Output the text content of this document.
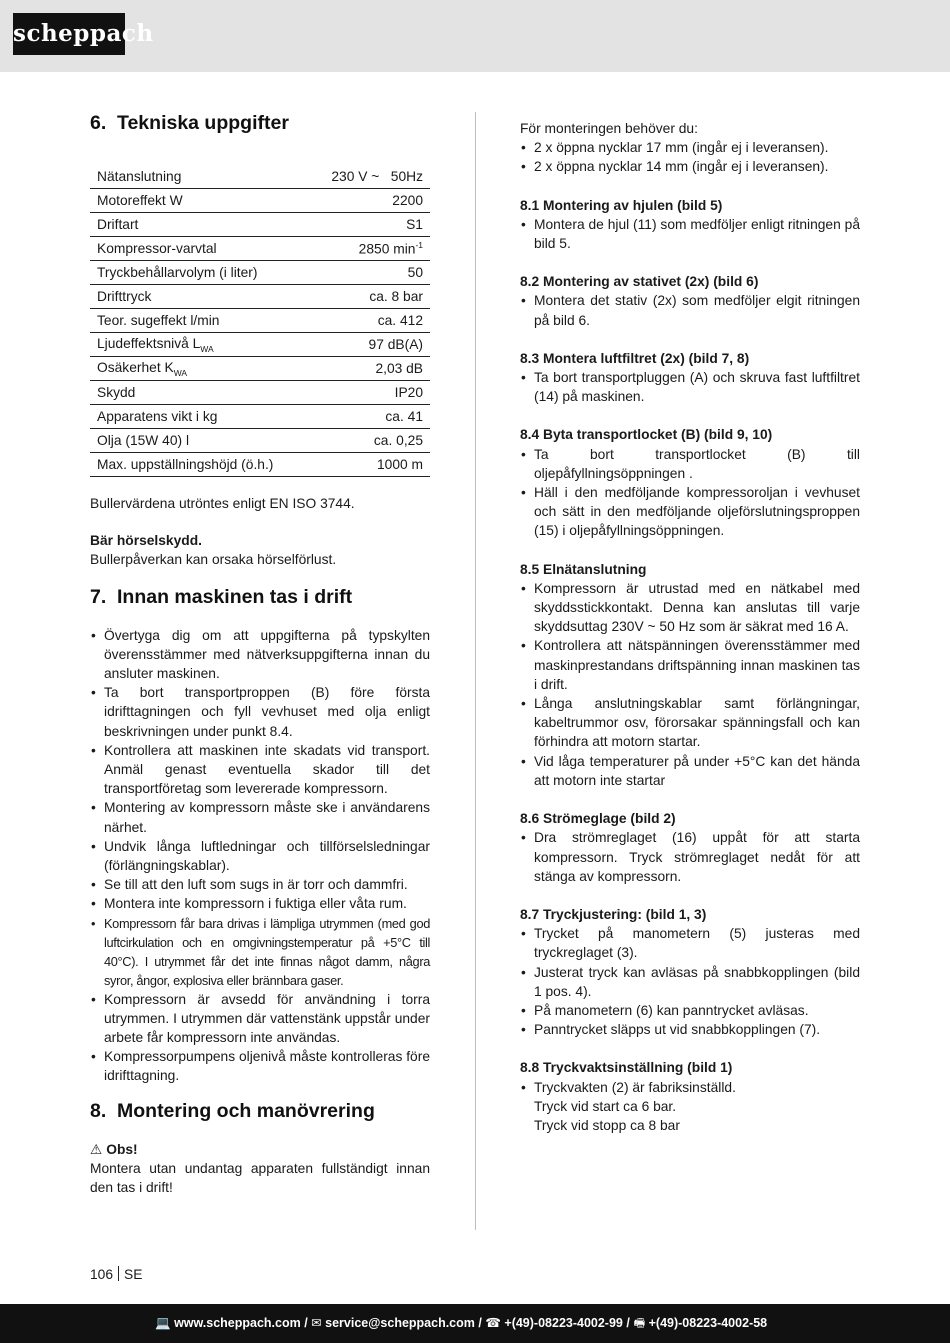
scheppach
6. Tekniska uppgifter
Nätanslutning	230 V ~   50Hz
Motoreffekt W	2200
Driftart	S1
Kompressor-varvtal	2850 $\min^{-1}$
Tryckbehållarvolym (i liter)	50
Drifttryck	ca. 8 bar
Teor. sugeffekt l/min	ca. 412
Ljudeffektsnivå $L_{WA}$	97 dB(A)
Osäkerhet $K_{WA}$	2,03 dB
Skydd	IP20
Apparatens vikt i kg	ca. 41
Olja (15W 40) l	ca. 0,25
Max. uppställningshöjd (ö.h.)	1000 m

Bullervärdena utröntes enligt EN ISO 3744.

Bär hörselskydd.

Bullerpåverkan kan orsaka hörselförlust.

7. Innan maskinen tas i drift
• Övertyga dig om att uppgifterna på typskylten överensstämmer med nätverksuppgifterna innan du ansluter maskinen.
• Ta bort transportproppen (B) före första idrifttagningen och fyll vevhuset med olja enligt beskrivningen under punkt 8.4.
• Kontrollera att maskinen inte skadats vid transport. Anmäl genast eventuella skador till det transportföretag som levererade kompressorn.
• Montering av kompressorn måste ske i användarens närhet.
• Undvik långa luftledningar och tillförselsledningar (förlängningskablar).
• Se till att den luft som sugs in är torr och dammfri.
• Montera inte kompressorn i fuktiga eller våta rum.
• Kompressorn får bara drivas i lämpliga utrymmen (med god luftcirkulation och en omgivningstemperatur på +5°C till 40°C). I utrymmet får det inte finnas något damm, några syror, ångor, explosiva eller brännbara gaser.
• Kompressorn är avsedd för användning i torra utrymmen. I utrymmen där vattenstänk uppstår under arbete får kompressorn inte användas.
• Kompressorpumpens oljenivå måste kontrolleras före idrifttagning.
8. Montering och manövrering

⚠ Obs!

Montera utan undantag apparaten fullständigt innan den tas i drift!

För monteringen behöver du:

• 2 x öppna nycklar 17 mm (ingår ej i leveransen).
• 2 x öppna nycklar 14 mm (ingår ej i leveransen).

8.1 Montering av hjulen (bild 5)

• Montera de hjul (11) som medföljer enligt ritningen på bild 5.

8.2 Montering av stativet (2x) (bild 6)

• Montera det stativ (2x) som medföljer elgit ritningen på bild 6.

8.3 Montera luftfiltret (2x) (bild 7, 8)

• Ta bort transportpluggen (A) och skruva fast luftfiltret (14) på maskinen.

8.4 Byta transportlocket (B) (bild 9, 10)

• Ta bort transportlocket (B) till oljepåfyllningsöppningen .
• Häll i den medföljande kompressoroljan i vevhuset och sätt in den medföljande oljeförslutningsproppen (15) i oljepåfyllningsöppningen.

8.5 Elnätanslutning

• Kompressorn är utrustad med en nätkabel med skyddsstickkontakt. Denna kan anslutas till varje skyddsuttag 230V ~ 50 Hz som är säkrat med 16 A.
• Kontrollera att nätspänningen överensstämmer med maskinprestandans driftspänning innan maskinen tas i drift.
• Långa anslutningskablar samt förlängningar, kabeltrummor osv, förorsakar spänningsfall och kan förhindra att motorn startar.
• Vid låga temperaturer på under +5°C kan det hända att motorn inte startar

8.6 Strömeglage (bild 2)

• Dra strömreglaget (16) uppåt för att starta kompressorn. Tryck strömreglaget nedåt för att stänga av kompressorn.

8.7 Tryckjustering: (bild 1, 3)

• Trycket på manometern (5) justeras med tryckreglaget (3).
• Justerat tryck kan avläsas på snabbkopplingen (bild 1 pos. 4).
• På manometern (6) kan panntrycket avläsas.
• Panntrycket släpps ut vid snabbkopplingen (7).

8.8 Tryckvaktsinställning (bild 1)

• Tryckvakten (2) är fabriksinställd.
Tryck vid start ca 6 bar.
Tryck vid stopp ca 8 bar
106 SE
💻 www.scheppach.com / ✉ service@scheppach.com / ☎ +(49)-08223-4002-99 / 🖷 +(49)-08223-4002-58
